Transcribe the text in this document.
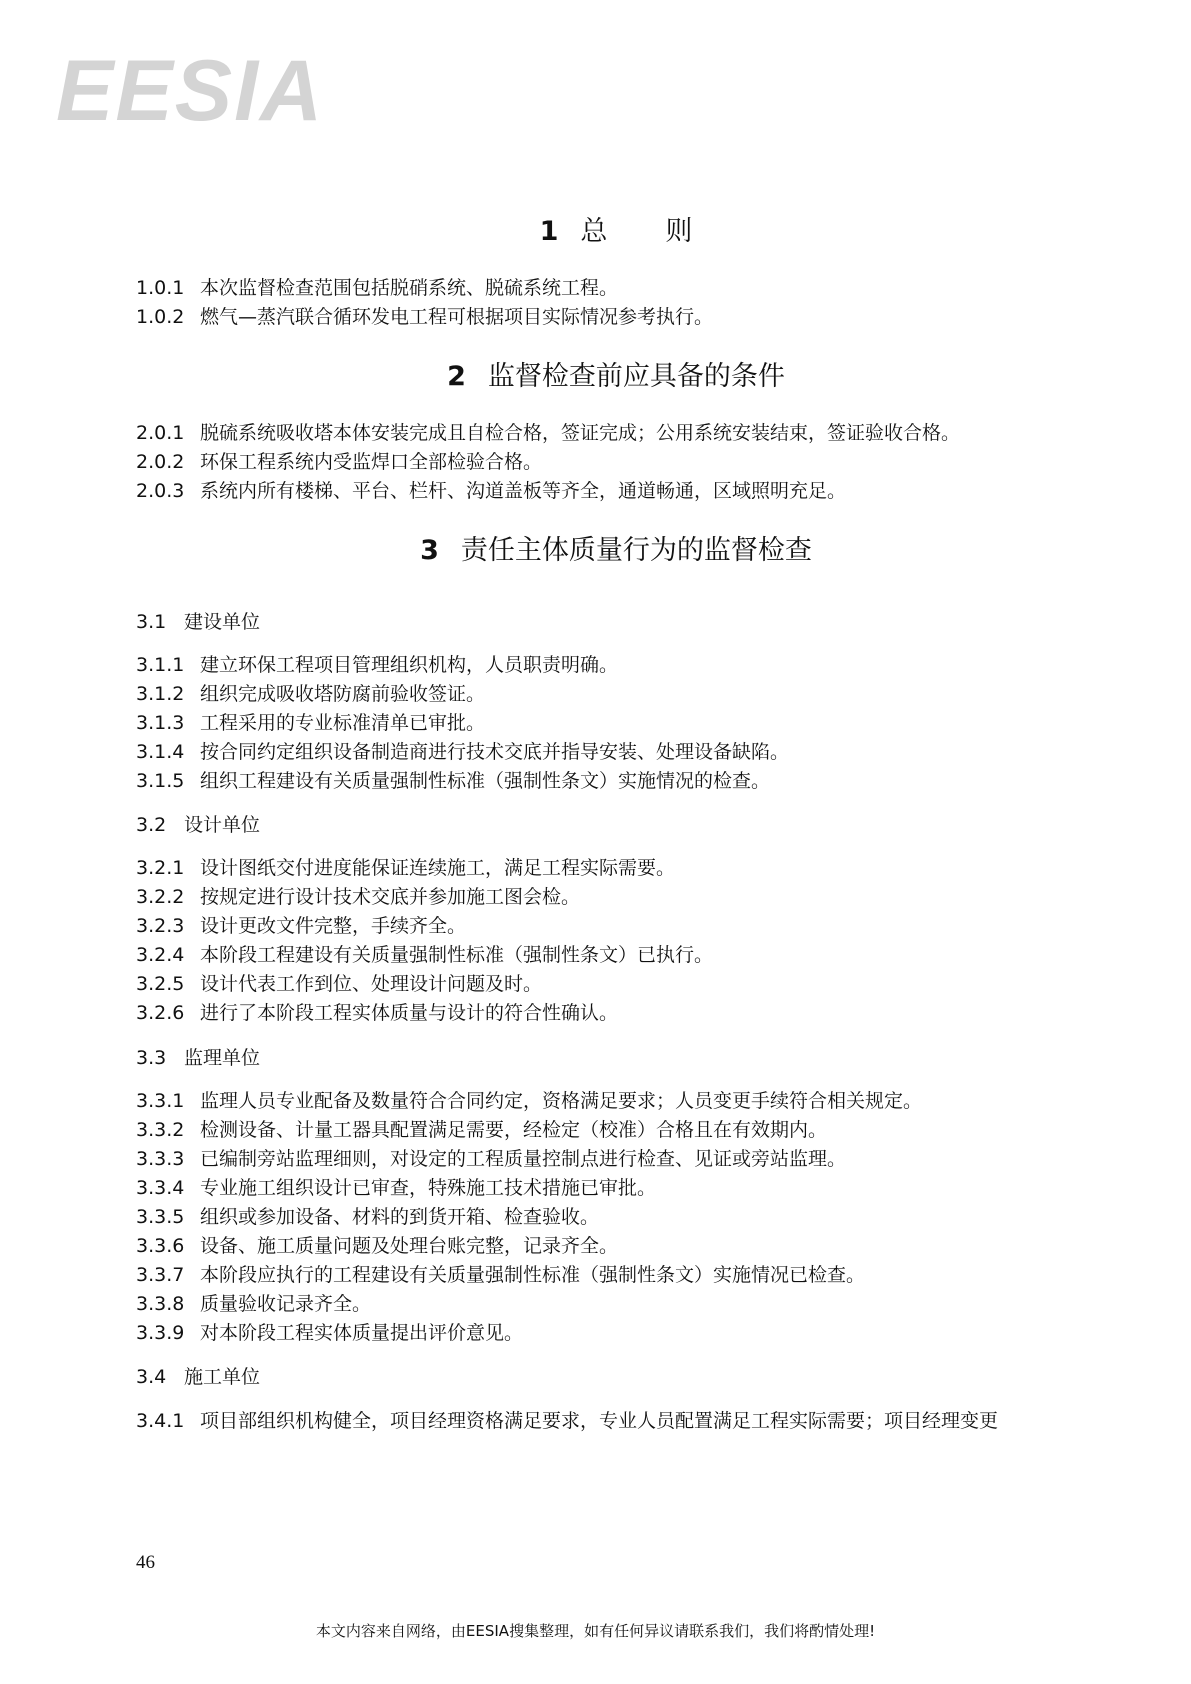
EESIA
1 总则
1.0.1 本次监督检查范围包括脱硝系统、脱硫系统工程。
1.0.2 燃气—蒸汽联合循环发电工程可根据项目实际情况参考执行。
2 监督检查前应具备的条件
2.0.1 脱硫系统吸收塔本体安装完成且自检合格，签证完成；公用系统安装结束，签证验收合格。
2.0.2 环保工程系统内受监焊口全部检验合格。
2.0.3 系统内所有楼梯、平台、栏杆、沟道盖板等齐全，通道畅通，区域照明充足。
3 责任主体质量行为的监督检查
3.1 建设单位
3.1.1 建立环保工程项目管理组织机构，人员职责明确。
3.1.2 组织完成吸收塔防腐前验收签证。
3.1.3 工程采用的专业标准清单已审批。
3.1.4 按合同约定组织设备制造商进行技术交底并指导安装、处理设备缺陷。
3.1.5 组织工程建设有关质量强制性标准（强制性条文）实施情况的检查。
3.2 设计单位
3.2.1 设计图纸交付进度能保证连续施工，满足工程实际需要。
3.2.2 按规定进行设计技术交底并参加施工图会检。
3.2.3 设计更改文件完整，手续齐全。
3.2.4 本阶段工程建设有关质量强制性标准（强制性条文）已执行。
3.2.5 设计代表工作到位、处理设计问题及时。
3.2.6 进行了本阶段工程实体质量与设计的符合性确认。
3.3 监理单位
3.3.1 监理人员专业配备及数量符合合同约定，资格满足要求；人员变更手续符合相关规定。
3.3.2 检测设备、计量工器具配置满足需要，经检定（校准）合格且在有效期内。
3.3.3 已编制旁站监理细则，对设定的工程质量控制点进行检查、见证或旁站监理。
3.3.4 专业施工组织设计已审查，特殊施工技术措施已审批。
3.3.5 组织或参加设备、材料的到货开箱、检查验收。
3.3.6 设备、施工质量问题及处理台账完整，记录齐全。
3.3.7 本阶段应执行的工程建设有关质量强制性标准（强制性条文）实施情况已检查。
3.3.8 质量验收记录齐全。
3.3.9 对本阶段工程实体质量提出评价意见。
3.4 施工单位
3.4.1 项目部组织机构健全，项目经理资格满足要求，专业人员配置满足工程实际需要；项目经理变更
46
本文内容来自网络，由EESIA搜集整理，如有任何异议请联系我们，我们将酌情处理!
